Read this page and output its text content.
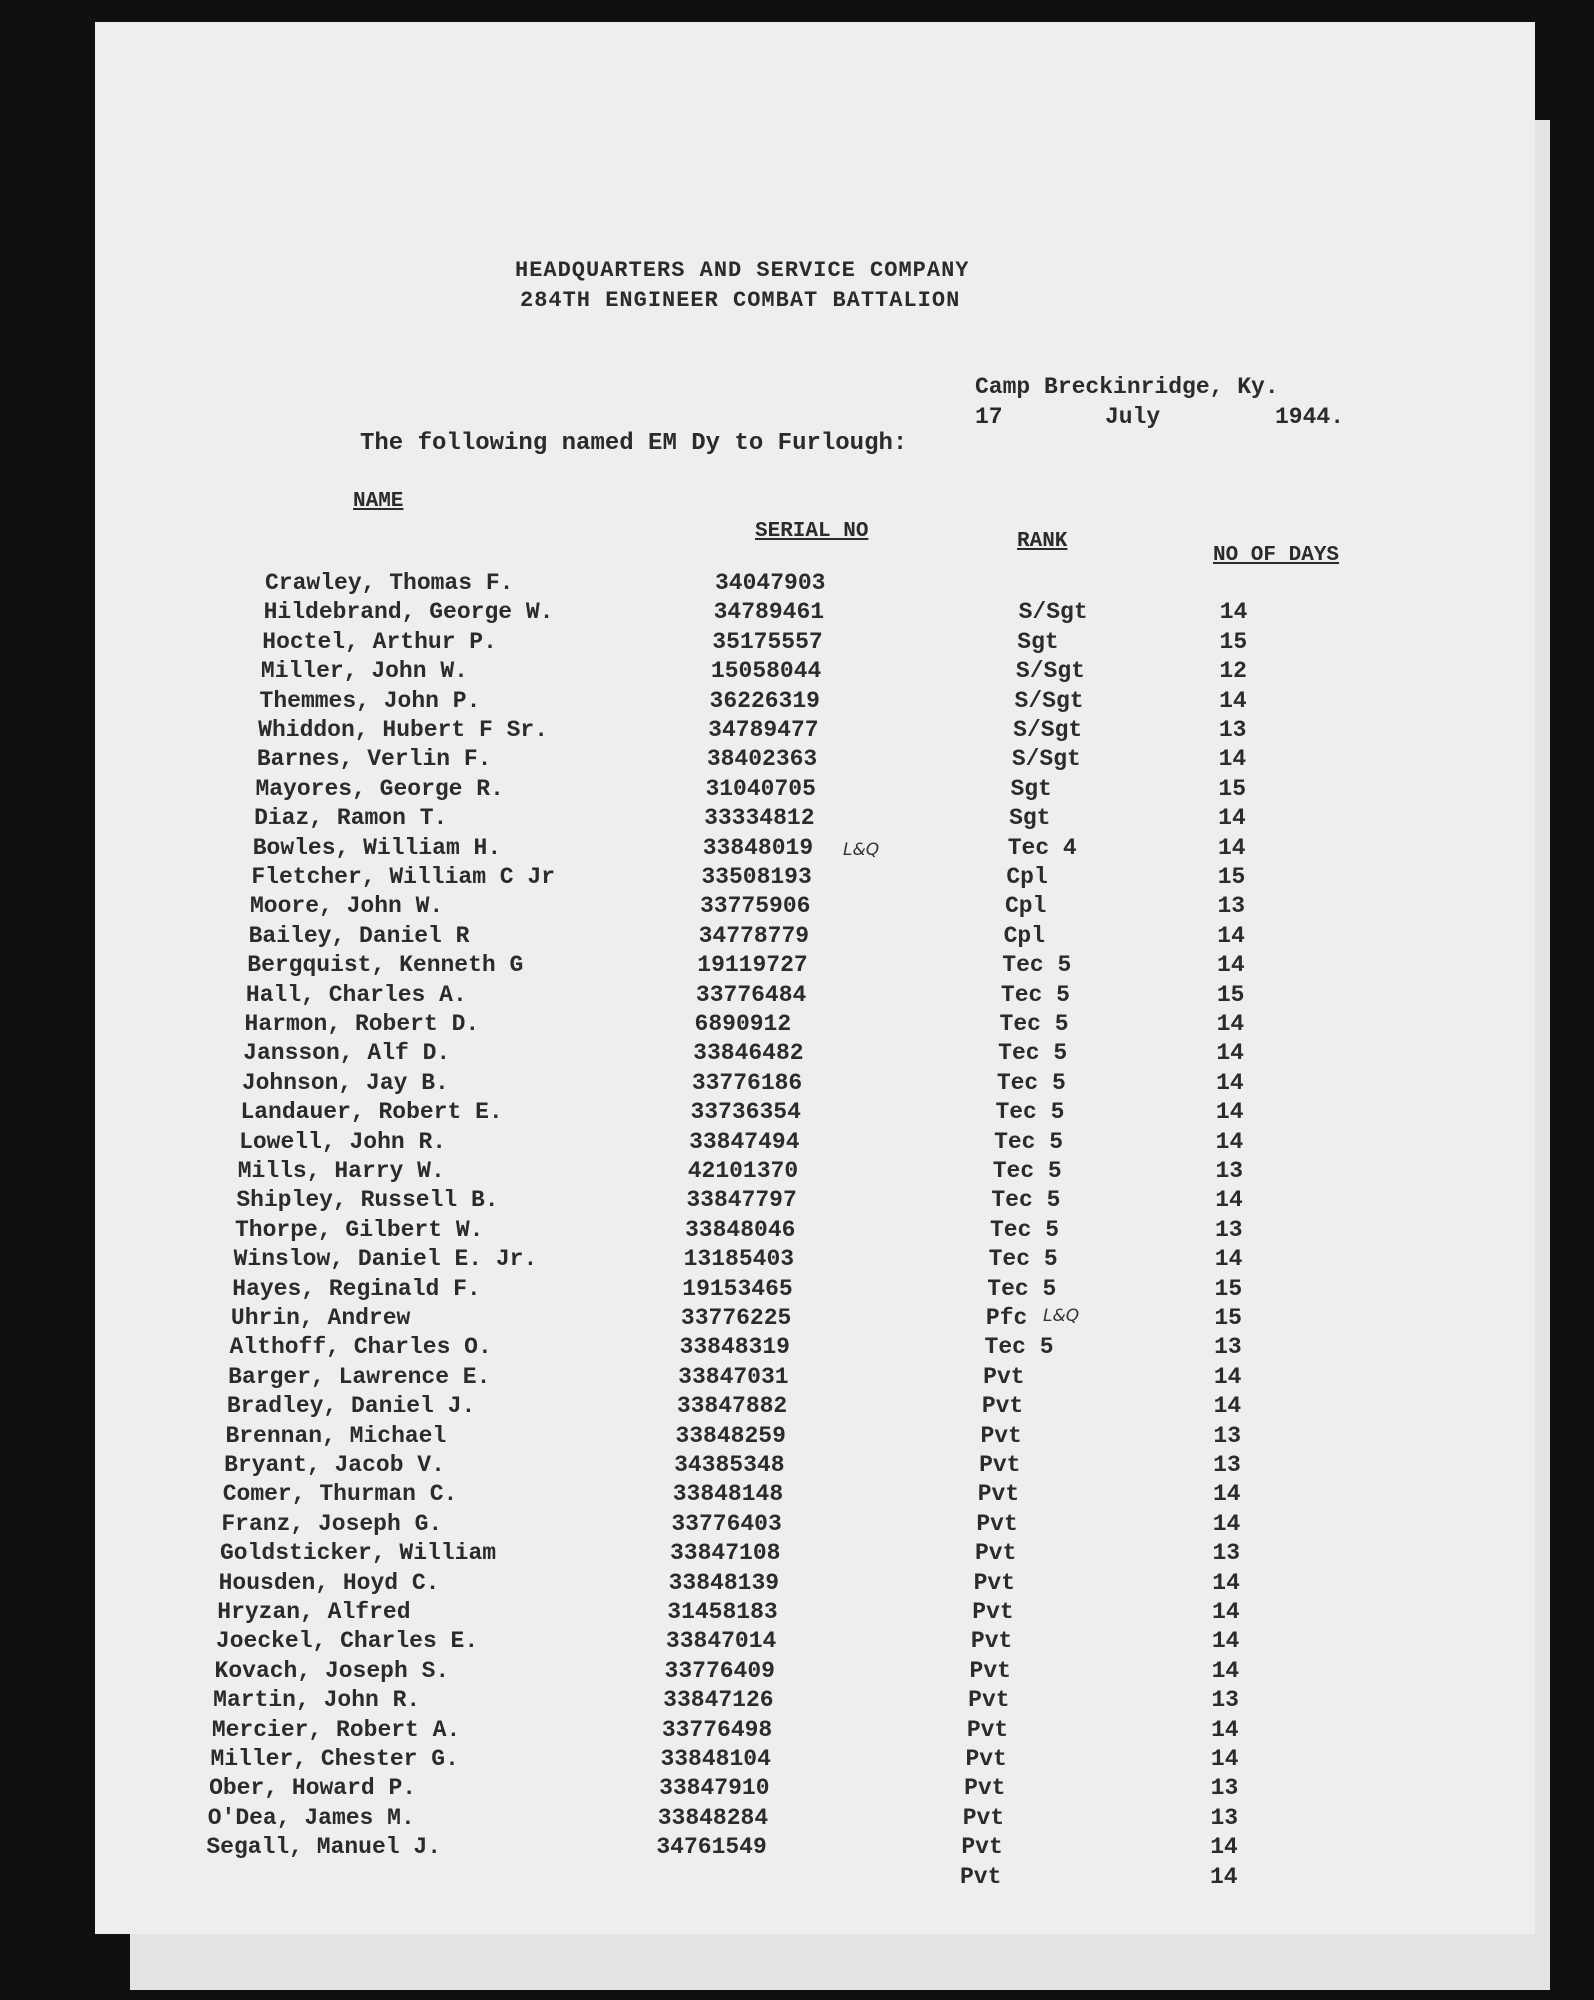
HEADQUARTERS AND SERVICE COMPANY
284TH ENGINEER COMBAT BATTALION
Camp Breckinridge, Ky.
17	July	1944.
The following named EM Dy to Furlough:
NAME
SERIAL NO	RANK
NO OF DAYS
Crawley, Thomas F.	34047903
Hildebrand, George W.	34789461	S/Sgt	14
Hoctel, Arthur P.	35175557	Sgt	15
Miller, John W.	15058044	S/Sgt	12
Themmes, John P.	36226319	S/Sgt	14
Whiddon, Hubert F Sr.	34789477	S/Sgt	13
Barnes, Verlin F.	38402363	S/Sgt	14
Mayores, George R.	31040705	Sgt	15
Diaz, Ramon T.	33334812	Sgt	14
Bowles, William H.	33848019	Tec 4	14
Fletcher, William C Jr	33508193	Cpl	15
Moore, John W.	33775906	Cpl	13
Bailey, Daniel R	34778779	Cpl	14
Bergquist, Kenneth G	19119727	Tec 5	14
Hall, Charles A.	33776484	Tec 5	15
Harmon, Robert D.	6890912	Tec 5	14
Jansson, Alf D.	33846482	Tec 5	14
Johnson, Jay B.	33776186	Tec 5	14
Landauer, Robert E.	33736354	Tec 5	14
Lowell, John R.	33847494	Tec 5	14
Mills, Harry W.	42101370	Tec 5	13
Shipley, Russell B.	33847797	Tec 5	14
Thorpe, Gilbert W.	33848046	Tec 5	13
Winslow, Daniel E. Jr.	13185403	Tec 5	14
Hayes, Reginald F.	19153465	Tec 5	15
Uhrin, Andrew	33776225	Pfc	15
Althoff, Charles O.	33848319	Tec 5	13
Barger, Lawrence E.	33847031	Pvt	14
Bradley, Daniel J.	33847882	Pvt	14
Brennan, Michael	33848259	Pvt	13
Bryant, Jacob V.	34385348	Pvt	13
Comer, Thurman C.	33848148	Pvt	14
Franz, Joseph G.	33776403	Pvt	14
Goldsticker, William	33847108	Pvt	13
Housden, Hoyd C.	33848139	Pvt	14
Hryzan, Alfred	31458183	Pvt	14
Joeckel, Charles E.	33847014	Pvt	14
Kovach, Joseph S.	33776409	Pvt	14
Martin, John R.	33847126	Pvt	13
Mercier, Robert A.	33776498	Pvt	14
Miller, Chester G.	33848104	Pvt	14
Ober, Howard P.	33847910	Pvt	13
O'Dea, James M.	33848284	Pvt	13
Segall, Manuel J.	34761549	Pvt	14
Pvt	14
L&Q
L&Q
